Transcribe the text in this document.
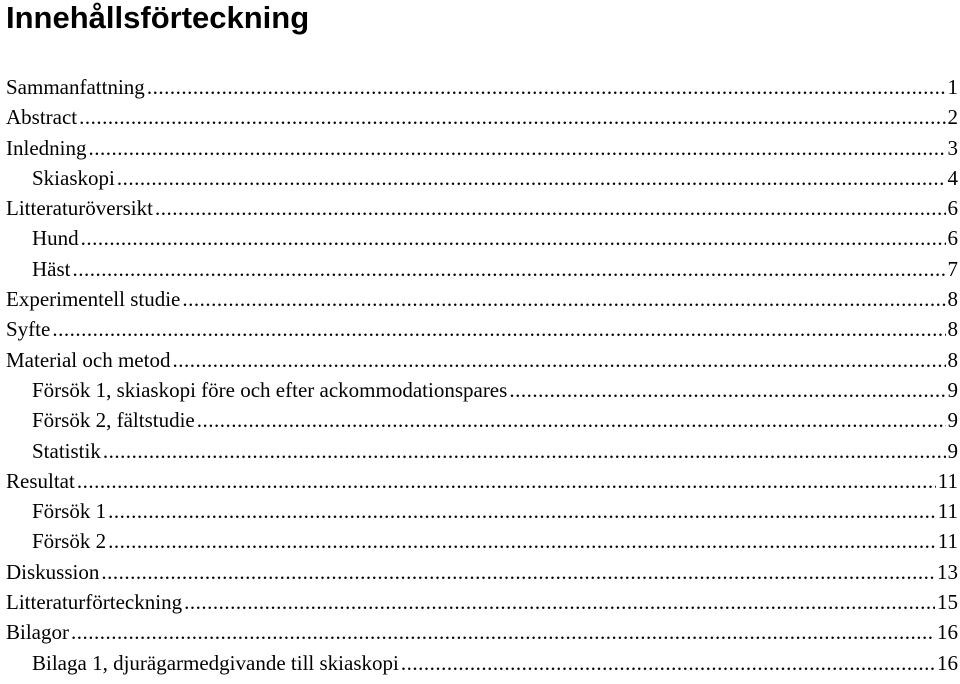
Innehållsförteckning
Sammanfattning .....	1
Abstract .....	2
Inledning .....	3
Skiaskopi .....	4
Litteraturöversikt .....	6
Hund .....	6
Häst .....	7
Experimentell studie .....	8
Syfte .....	8
Material och metod .....	8
Försök 1, skiaskopi före och efter ackommodationspares .....	9
Försök 2, fältstudie .....	9
Statistik .....	9
Resultat .....	11
Försök 1 .....	11
Försök 2 .....	11
Diskussion .....	13
Litteraturförteckning .....	15
Bilagor .....	16
Bilaga 1, djurägarmedgivande till skiaskopi .....	16
